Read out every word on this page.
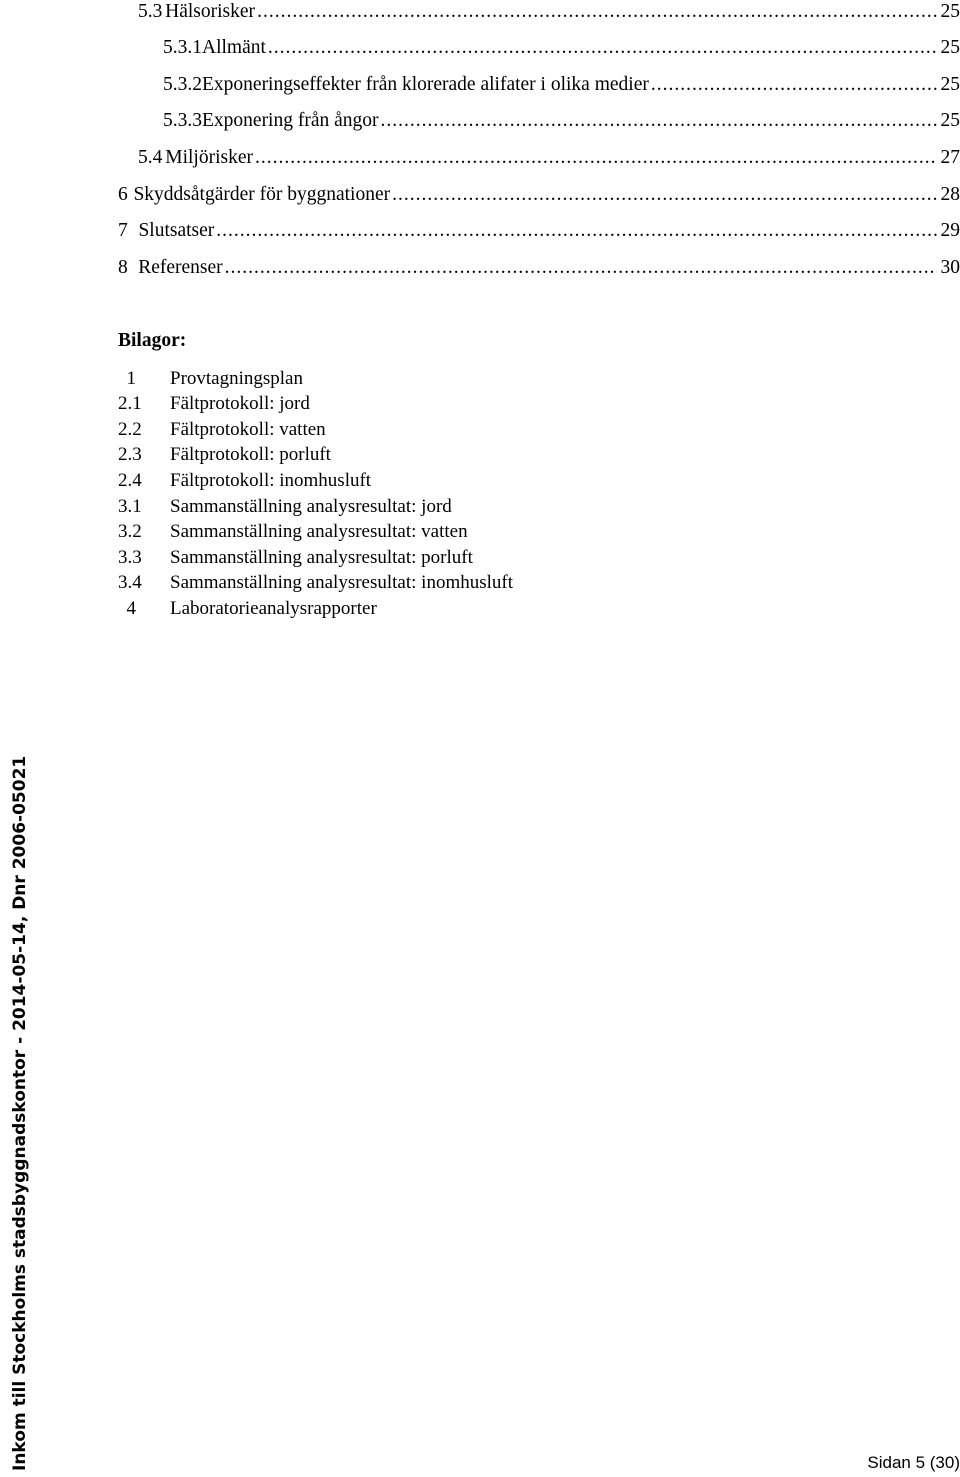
5.3 Hälsorisker .....	25
5.3.1 Allmänt .....	25
5.3.2 Exponeringseffekter från klorerade alifater i olika medier .....	25
5.3.3 Exponering från ångor .....	25
5.4 Miljörisker .....	27
6 Skyddsåtgärder för byggnationer .....	28
7 Slutsatser .....	29
8 Referenser .....	30
Bilagor:
1 Provtagningsplan
2.1 Fältprotokoll: jord
2.2 Fältprotokoll: vatten
2.3 Fältprotokoll: porluft
2.4 Fältprotokoll: inomhusluft
3.1 Sammanställning analysresultat: jord
3.2 Sammanställning analysresultat: vatten
3.3 Sammanställning analysresultat: porluft
3.4 Sammanställning analysresultat: inomhusluft
4 Laboratorieanalysrapporter
Inkom till Stockholms stadsbyggnadskontor - 2014-05-14, Dnr 2006-05021	Sidan 5 (30)
